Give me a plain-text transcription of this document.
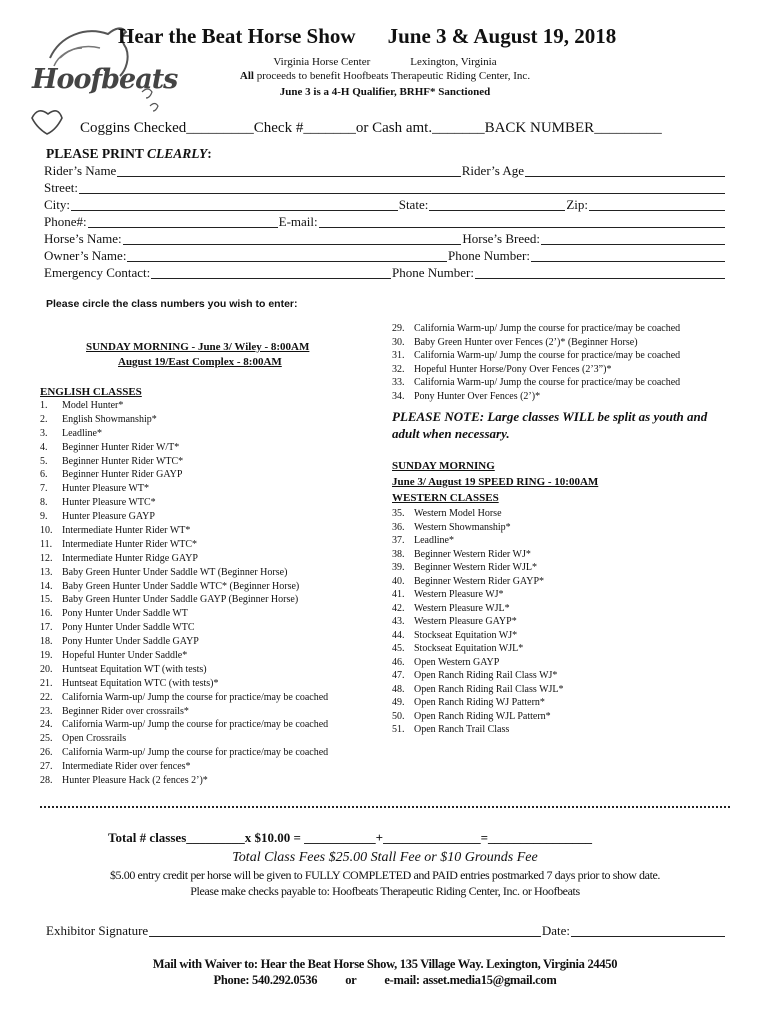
Hoofbeats
Hear the Beat Horse Show June 3 & August 19, 2018
Virginia Horse Center	Lexington, Virginia
All proceeds to benefit Hoofbeats Therapeutic Riding Center, Inc.
June 3 is a 4-H Qualifier, BRHF* Sanctioned
Coggins Checked_________Check #_______or Cash amt._______BACK NUMBER_________
PLEASE PRINT CLEARLY:
Rider’s Name	Rider’s Age
Street:
City:	State:	Zip:
Phone#:	E-mail:
Horse’s Name:	Horse’s Breed:
Owner’s Name:	Phone Number:
Emergency Contact:	Phone Number:
Please circle the class numbers you wish to enter:
SUNDAY MORNING - June 3/ Wiley - 8:00AM
August 19/East Complex - 8:00AM
ENGLISH CLASSES
1.	Model Hunter*
2.	English Showmanship*
3.	Leadline*
4.	Beginner Hunter Rider W/T*
5.	Beginner Hunter Rider WTC*
6.	Beginner Hunter Rider GAYP
7.	Hunter Pleasure WT*
8.	Hunter Pleasure WTC*
9.	Hunter Pleasure GAYP
10. Intermediate Hunter Rider WT*
11. Intermediate Hunter Rider WTC*
12. Intermediate Hunter Ridge GAYP
13. Baby Green Hunter Under Saddle WT (Beginner Horse)
14. Baby Green Hunter Under Saddle WTC* (Beginner Horse)
15. Baby Green Hunter Under Saddle GAYP (Beginner Horse)
16. Pony Hunter Under Saddle WT
17. Pony Hunter Under Saddle WTC
18. Pony Hunter Under Saddle GAYP
19. Hopeful Hunter Under Saddle*
20. Huntseat Equitation WT (with tests)
21. Huntseat Equitation WTC (with tests)*
22. California Warm-up/ Jump the course for practice/may be coached
23. Beginner Rider over crossrails*
24. California Warm-up/ Jump the course for practice/may be coached
25. Open Crossrails
26. California Warm-up/ Jump the course for practice/may be coached
27. Intermediate Rider over fences*
28. Hunter Pleasure Hack (2 fences 2’)*
29. California Warm-up/ Jump the course for practice/may be coached
30. Baby Green Hunter over Fences (2’)* (Beginner Horse)
31. California Warm-up/ Jump the course for practice/may be coached
32. Hopeful Hunter Horse/Pony Over Fences (2’3”)*
33. California Warm-up/ Jump the course for practice/may be coached
34. Pony Hunter Over Fences (2’)*
PLEASE NOTE: Large classes WILL be split as youth and adult when necessary.
SUNDAY MORNING
June 3/ August 19 SPEED RING - 10:00AM
WESTERN CLASSES
35. Western Model Horse
36. Western Showmanship*
37. Leadline*
38. Beginner Western Rider WJ*
39. Beginner Western Rider WJL*
40. Beginner Western Rider GAYP*
41. Western Pleasure WJ*
42. Western Pleasure WJL*
43. Western Pleasure GAYP*
44. Stockseat Equitation WJ*
45. Stockseat Equitation WJL*
46. Open Western GAYP
47. Open Ranch Riding Rail Class WJ*
48. Open Ranch Riding Rail Class WJL*
49. Open Ranch Riding WJ Pattern*
50. Open Ranch Riding WJL Pattern*
51. Open Ranch Trail Class
Total # classes_________x $10.00 = ___________+_______________=________________
Total Class Fees $25.00 Stall Fee or $10 Grounds Fee
$5.00 entry credit per horse will be given to FULLY COMPLETED and PAID entries postmarked 7 days prior to show date.
Please make checks payable to: Hoofbeats Therapeutic Riding Center, Inc. or Hoofbeats
Exhibitor Signature	Date:
Mail with Waiver to: Hear the Beat Horse Show, 135 Village Way. Lexington, Virginia 24450
Phone: 540.292.0536 or e-mail: asset.media15@gmail.com
